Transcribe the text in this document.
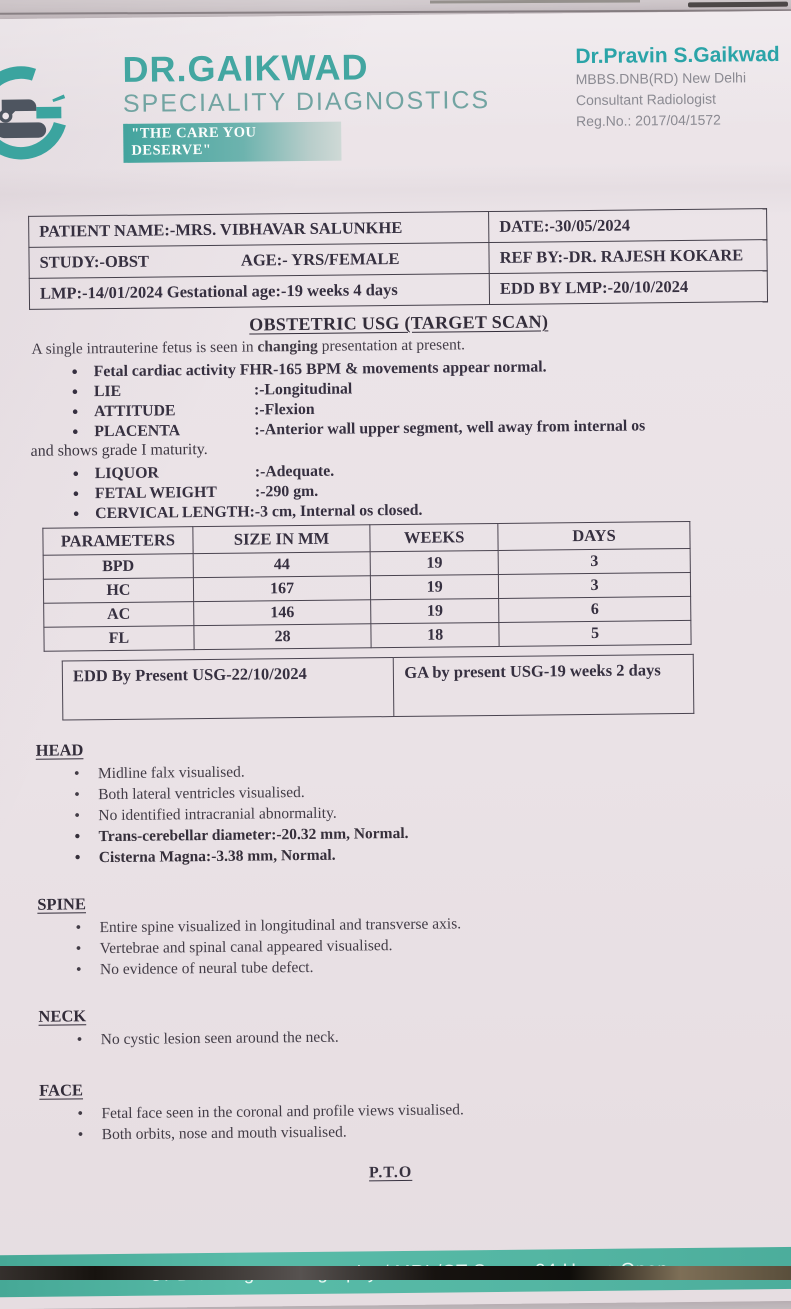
DR.GAIKWAD
SPECIALITY DIAGNOSTICS
"THE CARE YOU DESERVE"
Dr.Pravin S.Gaikwad
MBBS.DNB(RD) New Delhi
Consultant Radiologist
Reg.No.: 2017/04/1572
PATIENT NAME:-MRS. VIBHAVAR SALUNKHE	DATE:-30/05/2024

STUDY:-OBST AGE:- YRS/FEMALE	REF BY:-DR. RAJESH KOKARE
LMP:-14/01/2024 Gestational age:-19 weeks 4 days	EDD BY LMP:-20/10/2024
OBSTETRIC USG (TARGET SCAN)

A single intrauterine fetus is seen in changing presentation at present.

• Fetal cardiac activity FHR-165 BPM & movements appear normal.
• LIE	:-Longitudinal
• ATTITUDE	:-Flexion
• PLACENTA	:-Anterior wall upper segment, well away from internal os
and shows grade I maturity.
• LIQUOR	:-Adequate.
• FETAL WEIGHT :-290 gm.
• CERVICAL LENGTH:-3 cm, Internal os closed.
PARAMETERS	SIZE IN MM	WEEKS	DAYS
BPD	44	19	3
HC	167	19	3
AC	146	19	6
FL	28	18	5
EDD By Present USG-22/10/2024	GA by present USG-19 weeks 2 days
HEAD
• Midline falx visualised.
• Both lateral ventricles visualised.
• No identified intracranial abnormality.
• Trans-cerebellar diameter:-20.32 mm, Normal.
• Cisterna Magna:-3.38 mm, Normal.
SPINE
• Entire spine visualized in longitudinal and transverse axis.
• Vertebrae and spinal canal appeared visualised.
• No evidence of neural tube defect.
NECK
• No cystic lesion seen around the neck.
FACE
• Fetal face seen in the coronal and profile views visualised.
• Both orbits, nose and mouth visualised.
P.T.O
